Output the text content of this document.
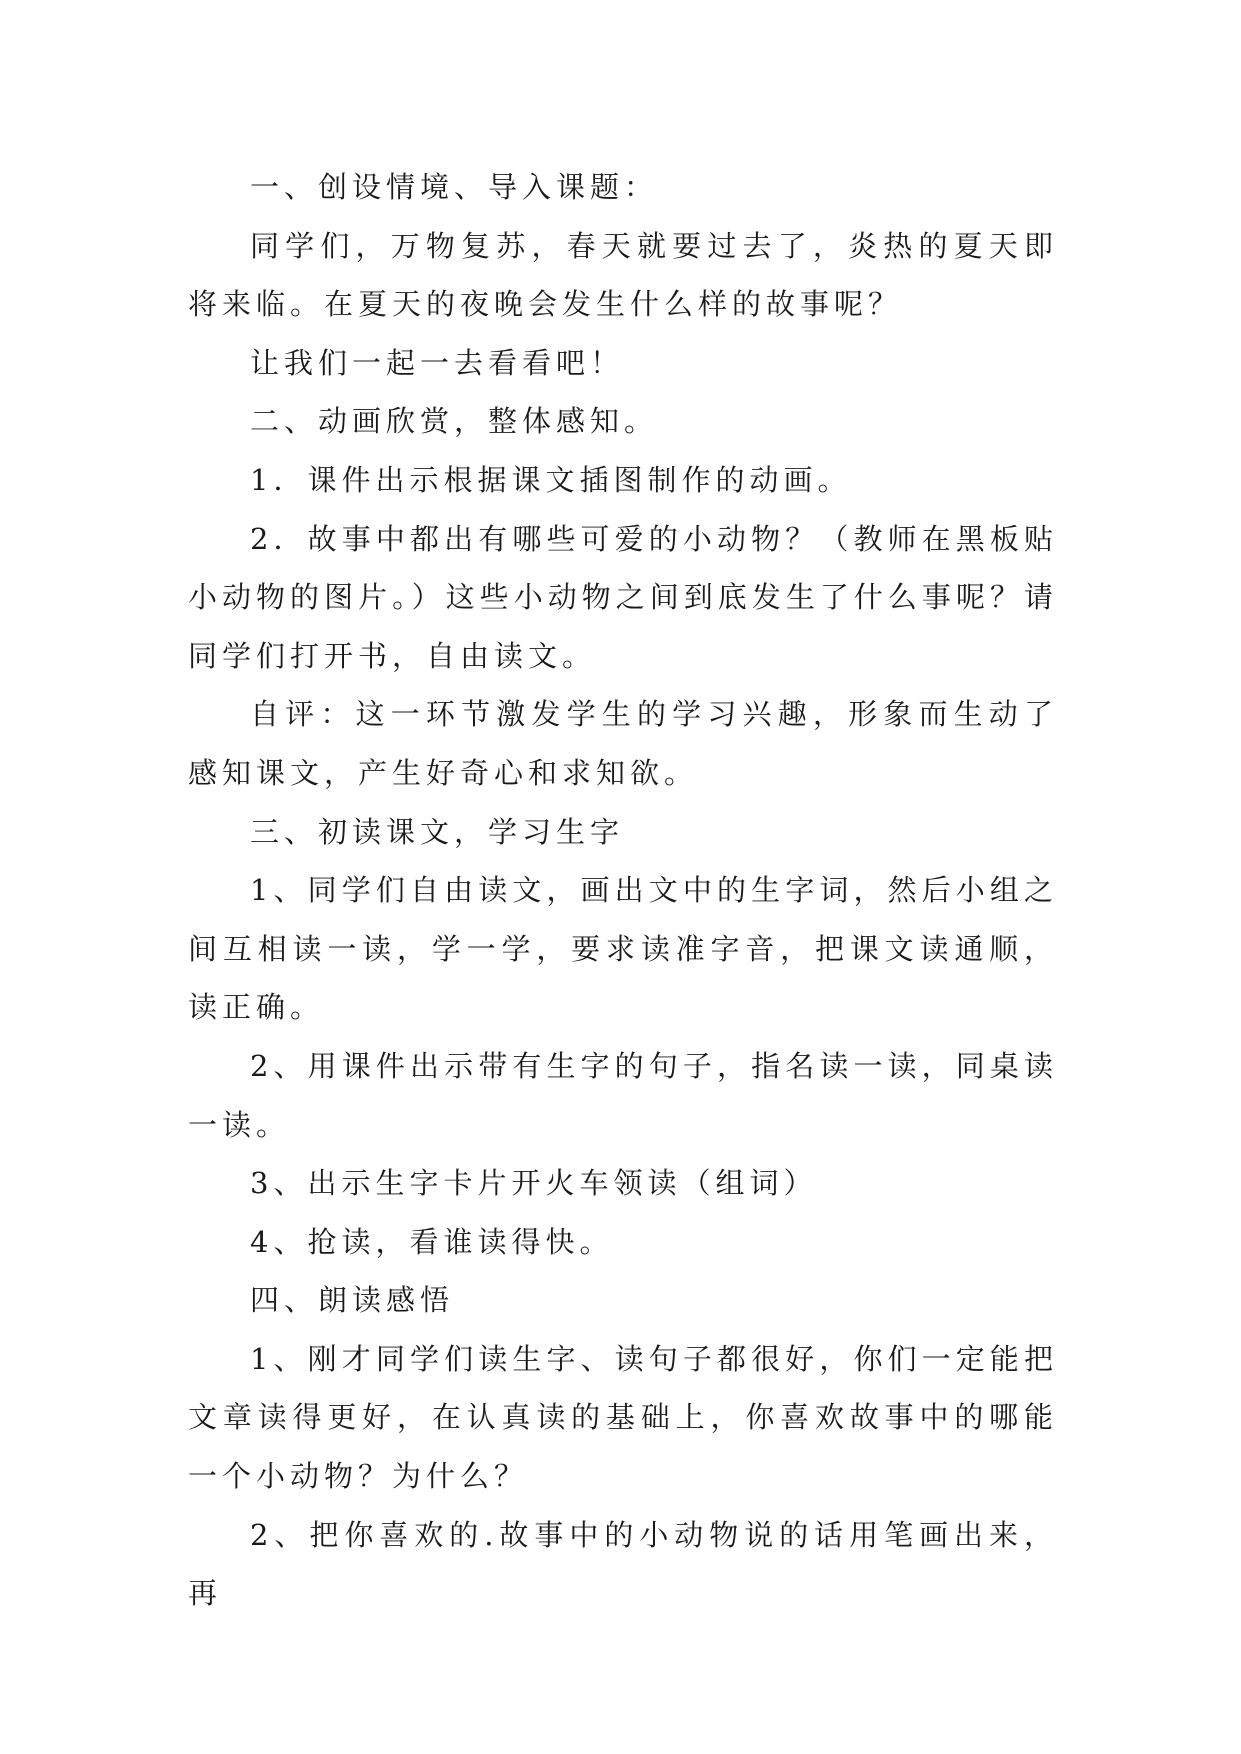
一、创设情境、导入课题：

同学们，万物复苏，春天就要过去了，炎热的夏天即将来临。在夏天的夜晚会发生什么样的故事呢？

让我们一起一去看看吧！

二、动画欣赏，整体感知。

1．课件出示根据课文插图制作的动画。

2．故事中都出有哪些可爱的小动物？（教师在黑板贴小动物的图片。）这些小动物之间到底发生了什么事呢？请同学们打开书，自由读文。

自评：这一环节激发学生的学习兴趣，形象而生动了感知课文，产生好奇心和求知欲。

三、初读课文，学习生字

1、同学们自由读文，画出文中的生字词，然后小组之间互相读一读，学一学，要求读准字音，把课文读通顺，读正确。

2、用课件出示带有生字的句子，指名读一读，同桌读一读。

3、出示生字卡片开火车领读（组词）

4、抢读，看谁读得快。

四、朗读感悟

1、刚才同学们读生字、读句子都很好，你们一定能把文章读得更好，在认真读的基础上，你喜欢故事中的哪能一个小动物？为什么？

2、把你喜欢的.故事中的小动物说的话用笔画出来，再
